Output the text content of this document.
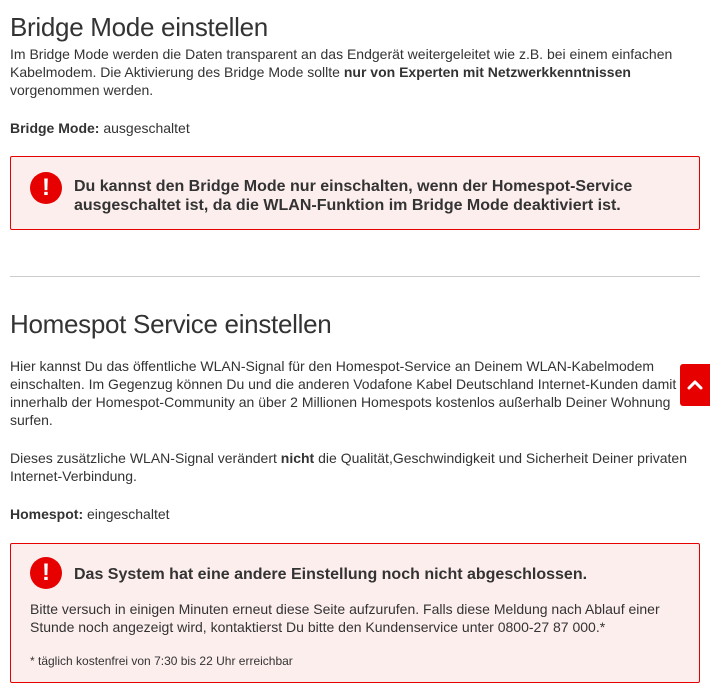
Bridge Mode einstellen

Im Bridge Mode werden die Daten transparent an das Endgerät weitergeleitet wie z.B. bei einem einfachen Kabelmodem. Die Aktivierung des Bridge Mode sollte nur von Experten mit Netzwerkkenntnissen vorgenommen werden.

Bridge Mode: ausgeschaltet

!	Du kannst den Bridge Mode nur einschalten, wenn der Homespot-Service ausgeschaltet ist, da die WLAN-Funktion im Bridge Mode deaktiviert ist.

Homespot Service einstellen

Hier kannst Du das öffentliche WLAN-Signal für den Homespot-Service an Deinem WLAN-Kabelmodem einschalten. Im Gegenzug können Du und die anderen Vodafone Kabel Deutschland Internet-Kunden damit innerhalb der Homespot-Community an über 2 Millionen Homespots kostenlos außerhalb Deiner Wohnung surfen.

Dieses zusätzliche WLAN-Signal verändert nicht die Qualität,Geschwindigkeit und Sicherheit Deiner privaten Internet-Verbindung.

Homespot: eingeschaltet

!	Das System hat eine andere Einstellung noch nicht abgeschlossen.

Bitte versuch in einigen Minuten erneut diese Seite aufzurufen. Falls diese Meldung nach Ablauf einer Stunde noch angezeigt wird, kontaktierst Du bitte den Kundenservice unter 0800-27 87 000.*

* täglich kostenfrei von 7:30 bis 22 Uhr erreichbar
